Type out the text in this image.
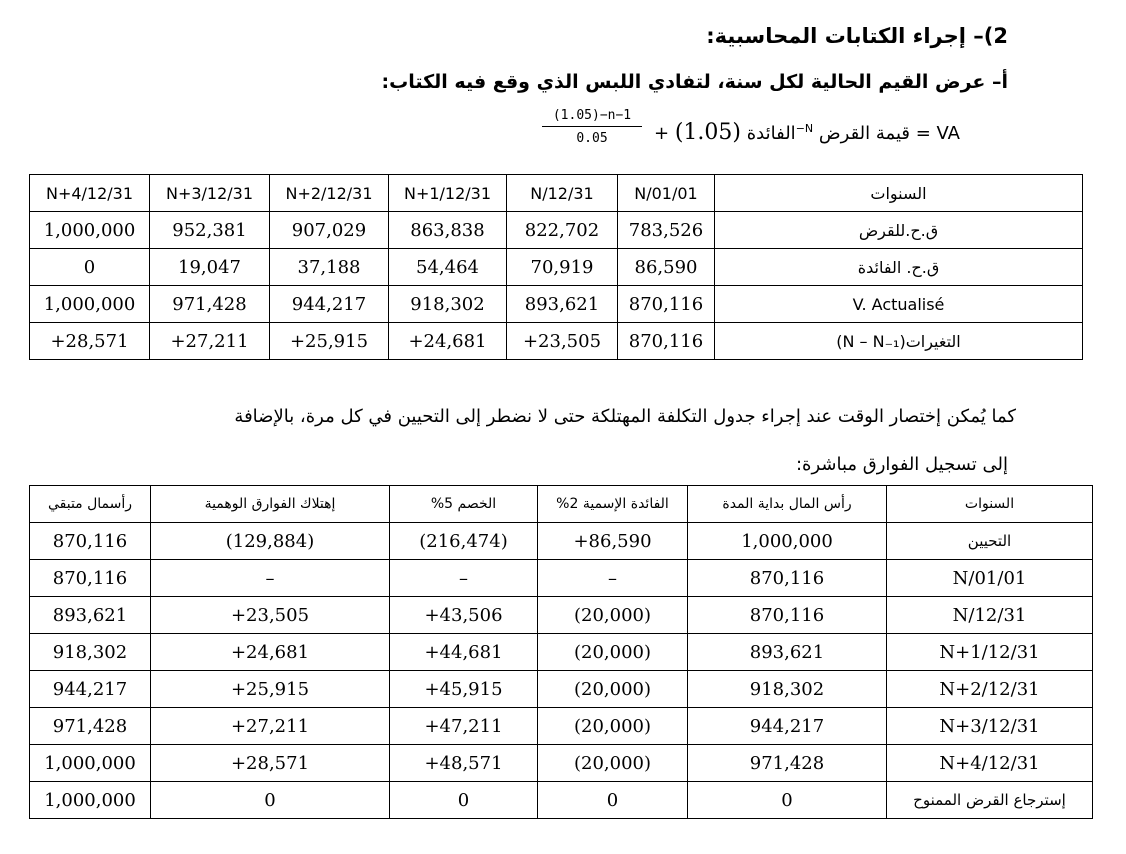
2)– إجراء الكتابات المحاسبية:
أ– عرض القيم الحالية لكل سنة، لتفادي اللبس الذي وقع فيه الكتاب:
$\frac{(1.05)-n-1}{0.05}$ + الفائدة (1.05)	$^{-N}$ VA = قيمة القرض
N+4/12/31	N+3/12/31	N+2/12/31	N+1/12/31	N/12/31	N/01/01	السنوات
1,000,000	952,381	907,029	863,838	822,702	783,526	ق.ح.للقرض
0	19,047	37,188	54,464	70,919	86,590	ق.ح. الفائدة
1,000,000	971,428	944,217	918,302	893,621	870,116	V. Actualisé
+28,571	+27,211	+25,915	+24,681	+23,505	870,116	التغيرات(N – N₋₁)
كما يُمكن إختصار الوقت عند إجراء جدول التكلفة المهتلكة حتى لا نضطر إلى التحيين في كل مرة، بالإضافة
إلى تسجيل الفوارق مباشرة:
رأسمال متبقي	إهتلاك الفوارق الوهمية	الخصم 5%	الفائدة الإسمية 2%	رأس المال بداية المدة	السنوات
870,116	(129,884)	(216,474)	+86,590	1,000,000	التحيين
870,116	–	–	–	870,116	N/01/01
893,621	+23,505	+43,506	(20,000)	870,116	N/12/31
918,302	+24,681	+44,681	(20,000)	893,621	N+1/12/31
944,217	+25,915	+45,915	(20,000)	918,302	N+2/12/31
971,428	+27,211	+47,211	(20,000)	944,217	N+3/12/31
1,000,000	+28,571	+48,571	(20,000)	971,428	N+4/12/31
1,000,000	0	0	0	0	إسترجاع القرض الممنوح
